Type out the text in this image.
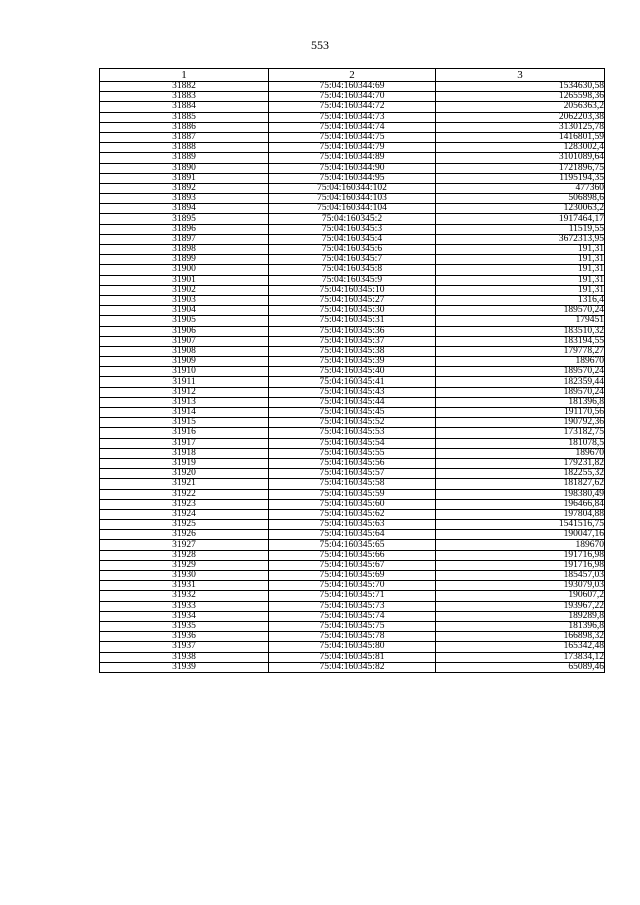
553
1	2	3
31882	75:04:160344:69	1534630,58
31883	75:04:160344:70	1265598,36
31884	75:04:160344:72	2056363,2
31885	75:04:160344:73	2062203,38
31886	75:04:160344:74	3130125,78
31887	75:04:160344:75	1416801,59
31888	75:04:160344:79	1283002,4
31889	75:04:160344:89	3101089,64
31890	75:04:160344:90	1721896,75
31891	75:04:160344:95	1195194,35
31892	75:04:160344:102	477360
31893	75:04:160344:103	506898,6
31894	75:04:160344:104	1230063,2
31895	75:04:160345:2	1917464,17
31896	75:04:160345:3	11519,55
31897	75:04:160345:4	3672313,95
31898	75:04:160345:6	191,31
31899	75:04:160345:7	191,31
31900	75:04:160345:8	191,31
31901	75:04:160345:9	191,31
31902	75:04:160345:10	191,31
31903	75:04:160345:27	1316,4
31904	75:04:160345:30	189570,24
31905	75:04:160345:31	179451
31906	75:04:160345:36	183510,32
31907	75:04:160345:37	183194,55
31908	75:04:160345:38	179778,27
31909	75:04:160345:39	189670
31910	75:04:160345:40	189570,24
31911	75:04:160345:41	182359,44
31912	75:04:160345:43	189570,24
31913	75:04:160345:44	181396,8
31914	75:04:160345:45	191170,56
31915	75:04:160345:52	190792,36
31916	75:04:160345:53	173182,75
31917	75:04:160345:54	181078,5
31918	75:04:160345:55	189670
31919	75:04:160345:56	179231,82
31920	75:04:160345:57	182255,32
31921	75:04:160345:58	181827,62
31922	75:04:160345:59	198380,49
31923	75:04:160345:60	196466,84
31924	75:04:160345:62	197804,88
31925	75:04:160345:63	1541516,75
31926	75:04:160345:64	190047,16
31927	75:04:160345:65	189670
31928	75:04:160345:66	191716,98
31929	75:04:160345:67	191716,98
31930	75:04:160345:69	185457,03
31931	75:04:160345:70	193079,03
31932	75:04:160345:71	190607,2
31933	75:04:160345:73	193967,22
31934	75:04:160345:74	189289,8
31935	75:04:160345:75	181396,8
31936	75:04:160345:78	166898,32
31937	75:04:160345:80	165342,48
31938	75:04:160345:81	173834,12
31939	75:04:160345:82	65089,46
